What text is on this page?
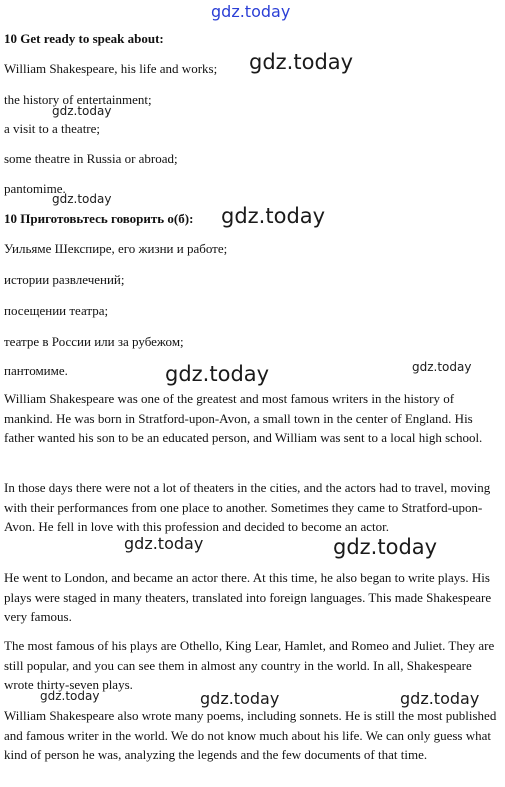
gdz.today
gdz.today
gdz.today
gdz.today
gdz.today
gdz.today
gdz.today
gdz.today	gdz.today
gdz.today	gdz.today	gdz.today
10 Get ready to speak about:
William Shakespeare, his life and works;
the history of entertainment;
a visit to a theatre;
some theatre in Russia or abroad;
pantomime.
10 Приготовьтесь говорить о(б):
Уильяме Шекспире, его жизни и работе;
истории развлечений;
посещении театра;
театре в России или за рубежом;
пантомиме.
William Shakespeare was one of the greatest and most famous writers in the history of mankind. He was born in Stratford-upon-Avon, a small town in the center of England. His father wanted his son to be an educated person, and William was sent to a local high school.
In those days there were not a lot of theaters in the cities, and the actors had to travel, moving with their performances from one place to another. Sometimes they came to Stratford-upon-Avon. He fell in love with this profession and decided to become an actor.
He went to London, and became an actor there. At this time, he also began to write plays. His plays were staged in many theaters, translated into foreign languages. This made Shakespeare very famous.
The most famous of his plays are Othello, King Lear, Hamlet, and Romeo and Juliet. They are still popular, and you can see them in almost any country in the world. In all, Shakespeare wrote thirty-seven plays.
William Shakespeare also wrote many poems, including sonnets. He is still the most published and famous writer in the world. We do not know much about his life. We can only guess what kind of person he was, analyzing the legends and the few documents of that time.
